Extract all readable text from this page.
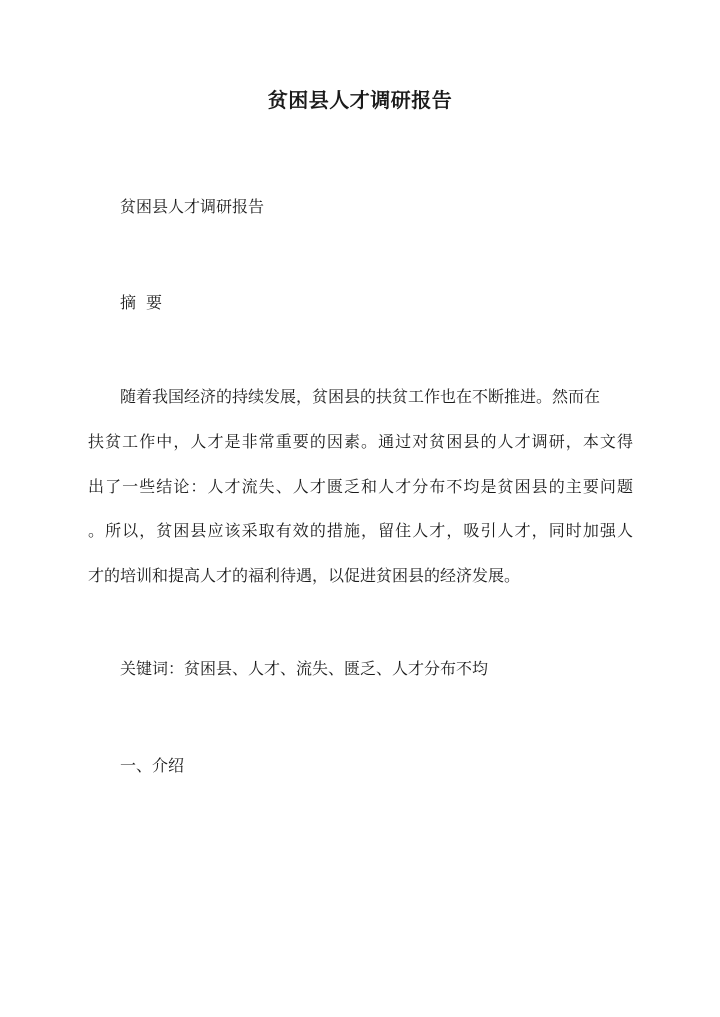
贫困县人才调研报告

贫困县人才调研报告

摘 要

随着我国经济的持续发展，贫困县的扶贫工作也在不断推进。然而在

扶贫工作中，人才是非常重要的因素。通过对贫困县的人才调研，本文得

出了一些结论：人才流失、人才匮乏和人才分布不均是贫困县的主要问题

。所以，贫困县应该采取有效的措施，留住人才，吸引人才，同时加强人

才的培训和提高人才的福利待遇，以促进贫困县的经济发展。

关键词：贫困县、人才、流失、匮乏、人才分布不均

一、介绍
